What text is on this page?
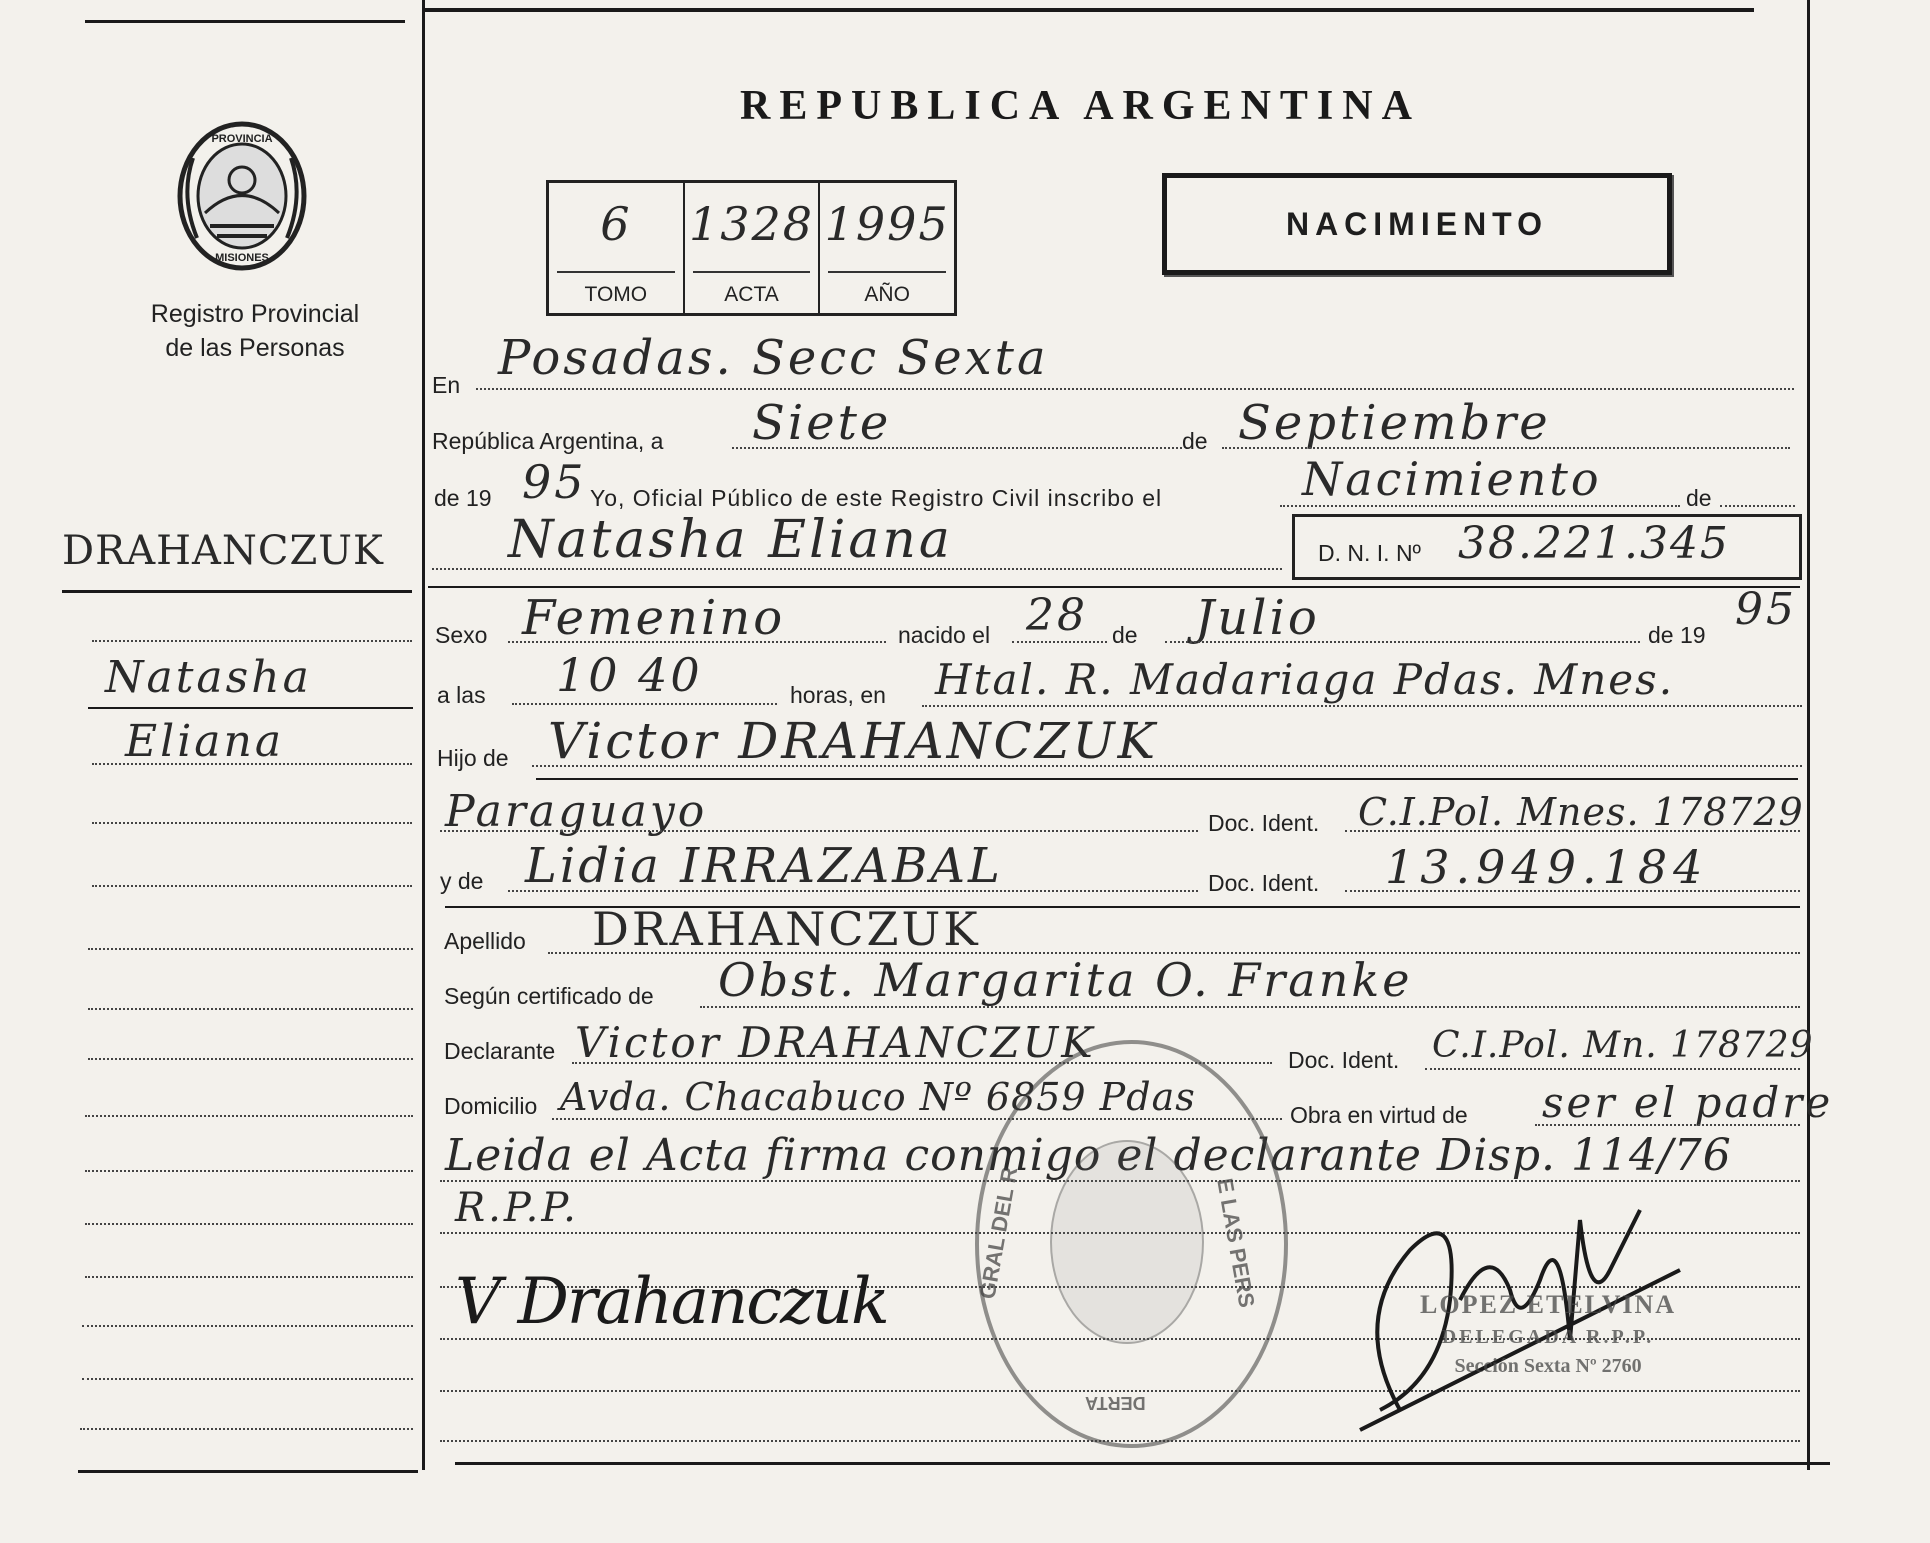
PROVINCIA
MISIONES
Registro Provincial
de las Personas
REPUBLICA ARGENTINA
6
TOMO
1328
ACTA
1995
AÑO
NACIMIENTO
DRAHANCZUK
Natasha
Eliana
En Posadas. Secc Sexta
República Argentina, a Siete	de Septiembre
de 19 95 Yo, Oficial Público de este Registro Civil inscribo el	Nacimiento	de
Natasha Eliana	D. N. I. Nº 38.221.345
Sexo Femenino	nacido el 28 de Julio	de 19 95
a las 10 40	horas, en Htal. R. Madariaga Pdas. Mnes.
Hijo de Victor DRAHANCZUK
Paraguayo	Doc. Ident. C.I.Pol. Mnes. 178729
y de Lidia IRRAZABAL	Doc. Ident. 13.949.184
Apellido DRAHANCZUK
Según certificado de Obst. Margarita O. Franke
Declarante Victor DRAHANCZUK	Doc. Ident. C.I.Pol. Mn. 178729
Domicilio Avda. Chacabuco Nº 6859 Pdas	Obra en virtud de ser el padre
Leida el Acta firma conmigo el declarante Disp. 114/76
R.P.P.	GRAL DEL R	E LAS PERS
DERTA
V Drahanczuk	LOPEZ ETELVINA
DELEGADA R.P.P.
Sección Sexta Nº 2760
